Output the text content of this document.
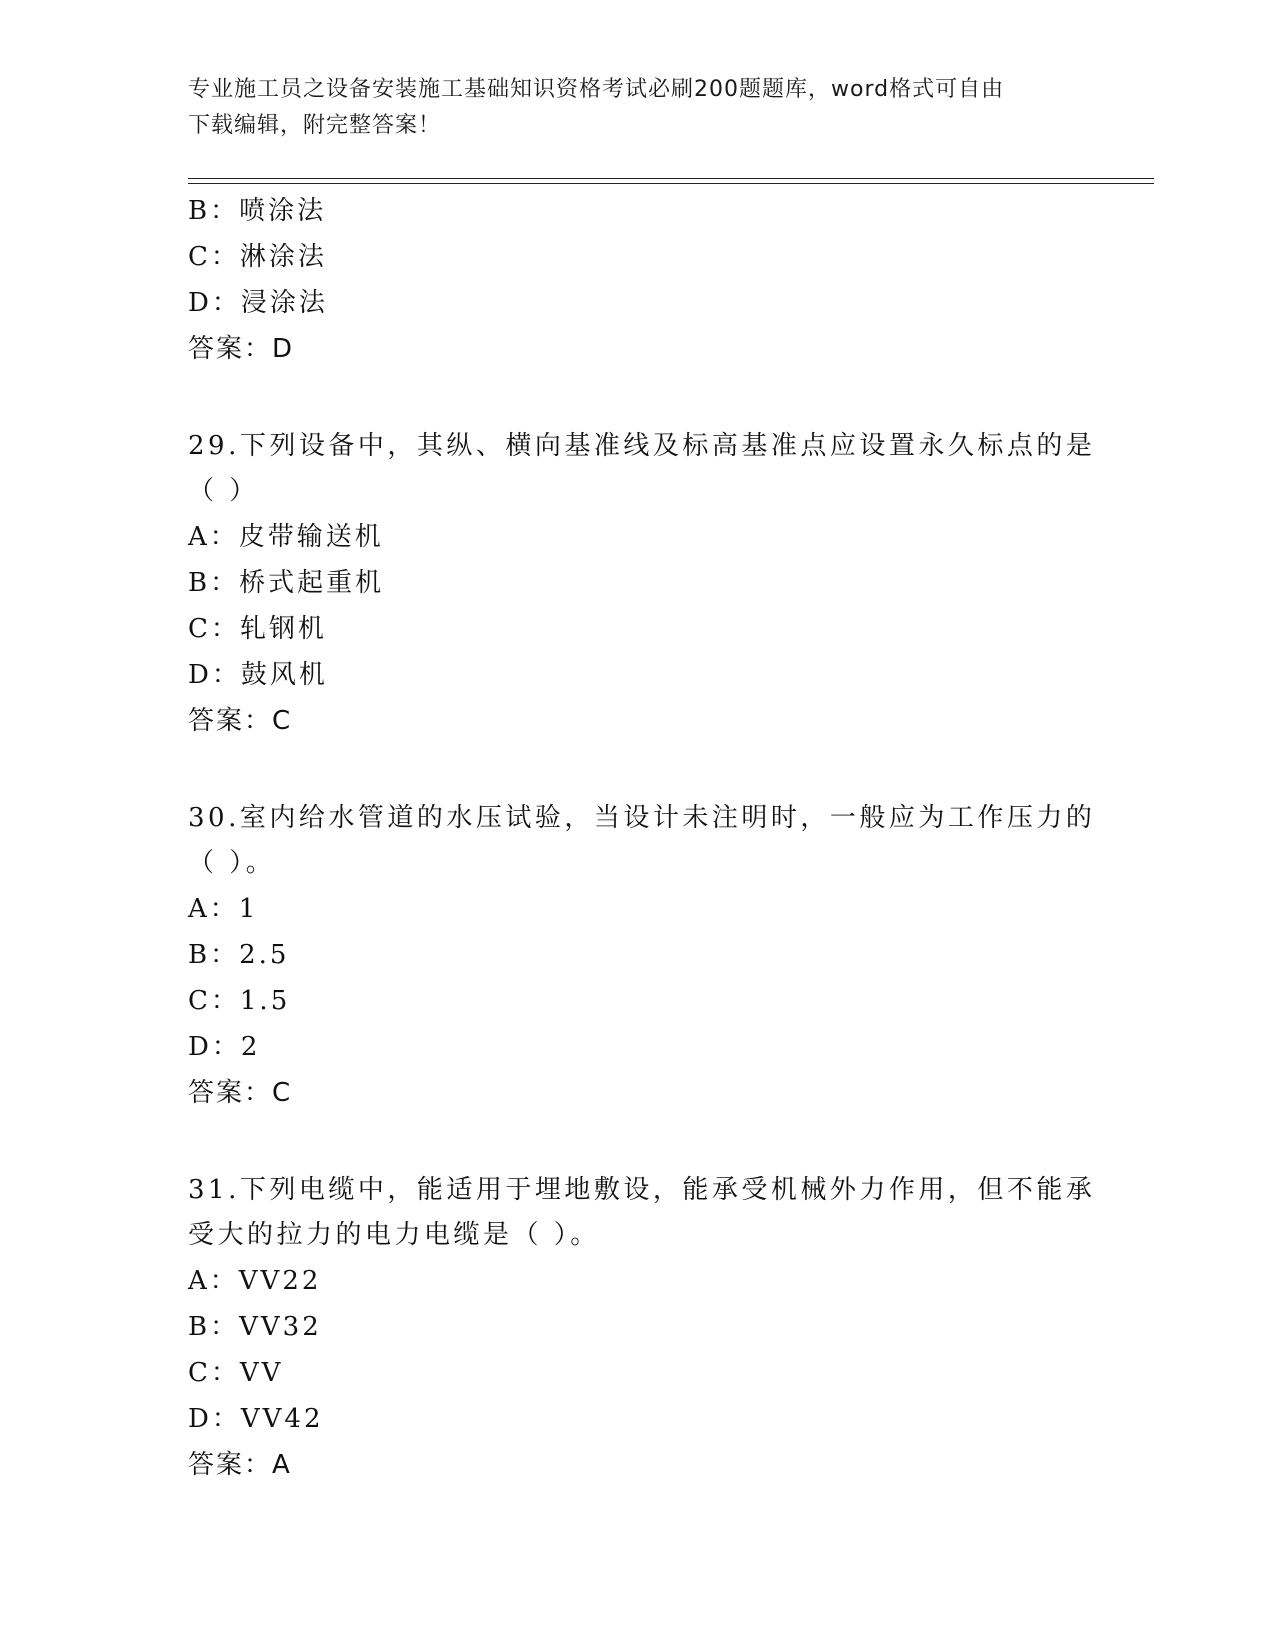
专业施工员之设备安装施工基础知识资格考试必刷200题题库，word格式可自由
下载编辑，附完整答案！
B：喷涂法
C：淋涂法
D：浸涂法
答案：D
29.下列设备中，其纵、横向基准线及标高基准点应设置永久标点的是
（ ）
A：皮带输送机
B：桥式起重机
C：轧钢机
D：鼓风机
答案：C
30.室内给水管道的水压试验，当设计未注明时，一般应为工作压力的
（ ）。
A：1
B：2.5
C：1.5
D：2
答案：C
31.下列电缆中，能适用于埋地敷设，能承受机械外力作用，但不能承
受大的拉力的电力电缆是（ ）。
A：VV22
B：VV32
C：VV
D：VV42
答案：A
